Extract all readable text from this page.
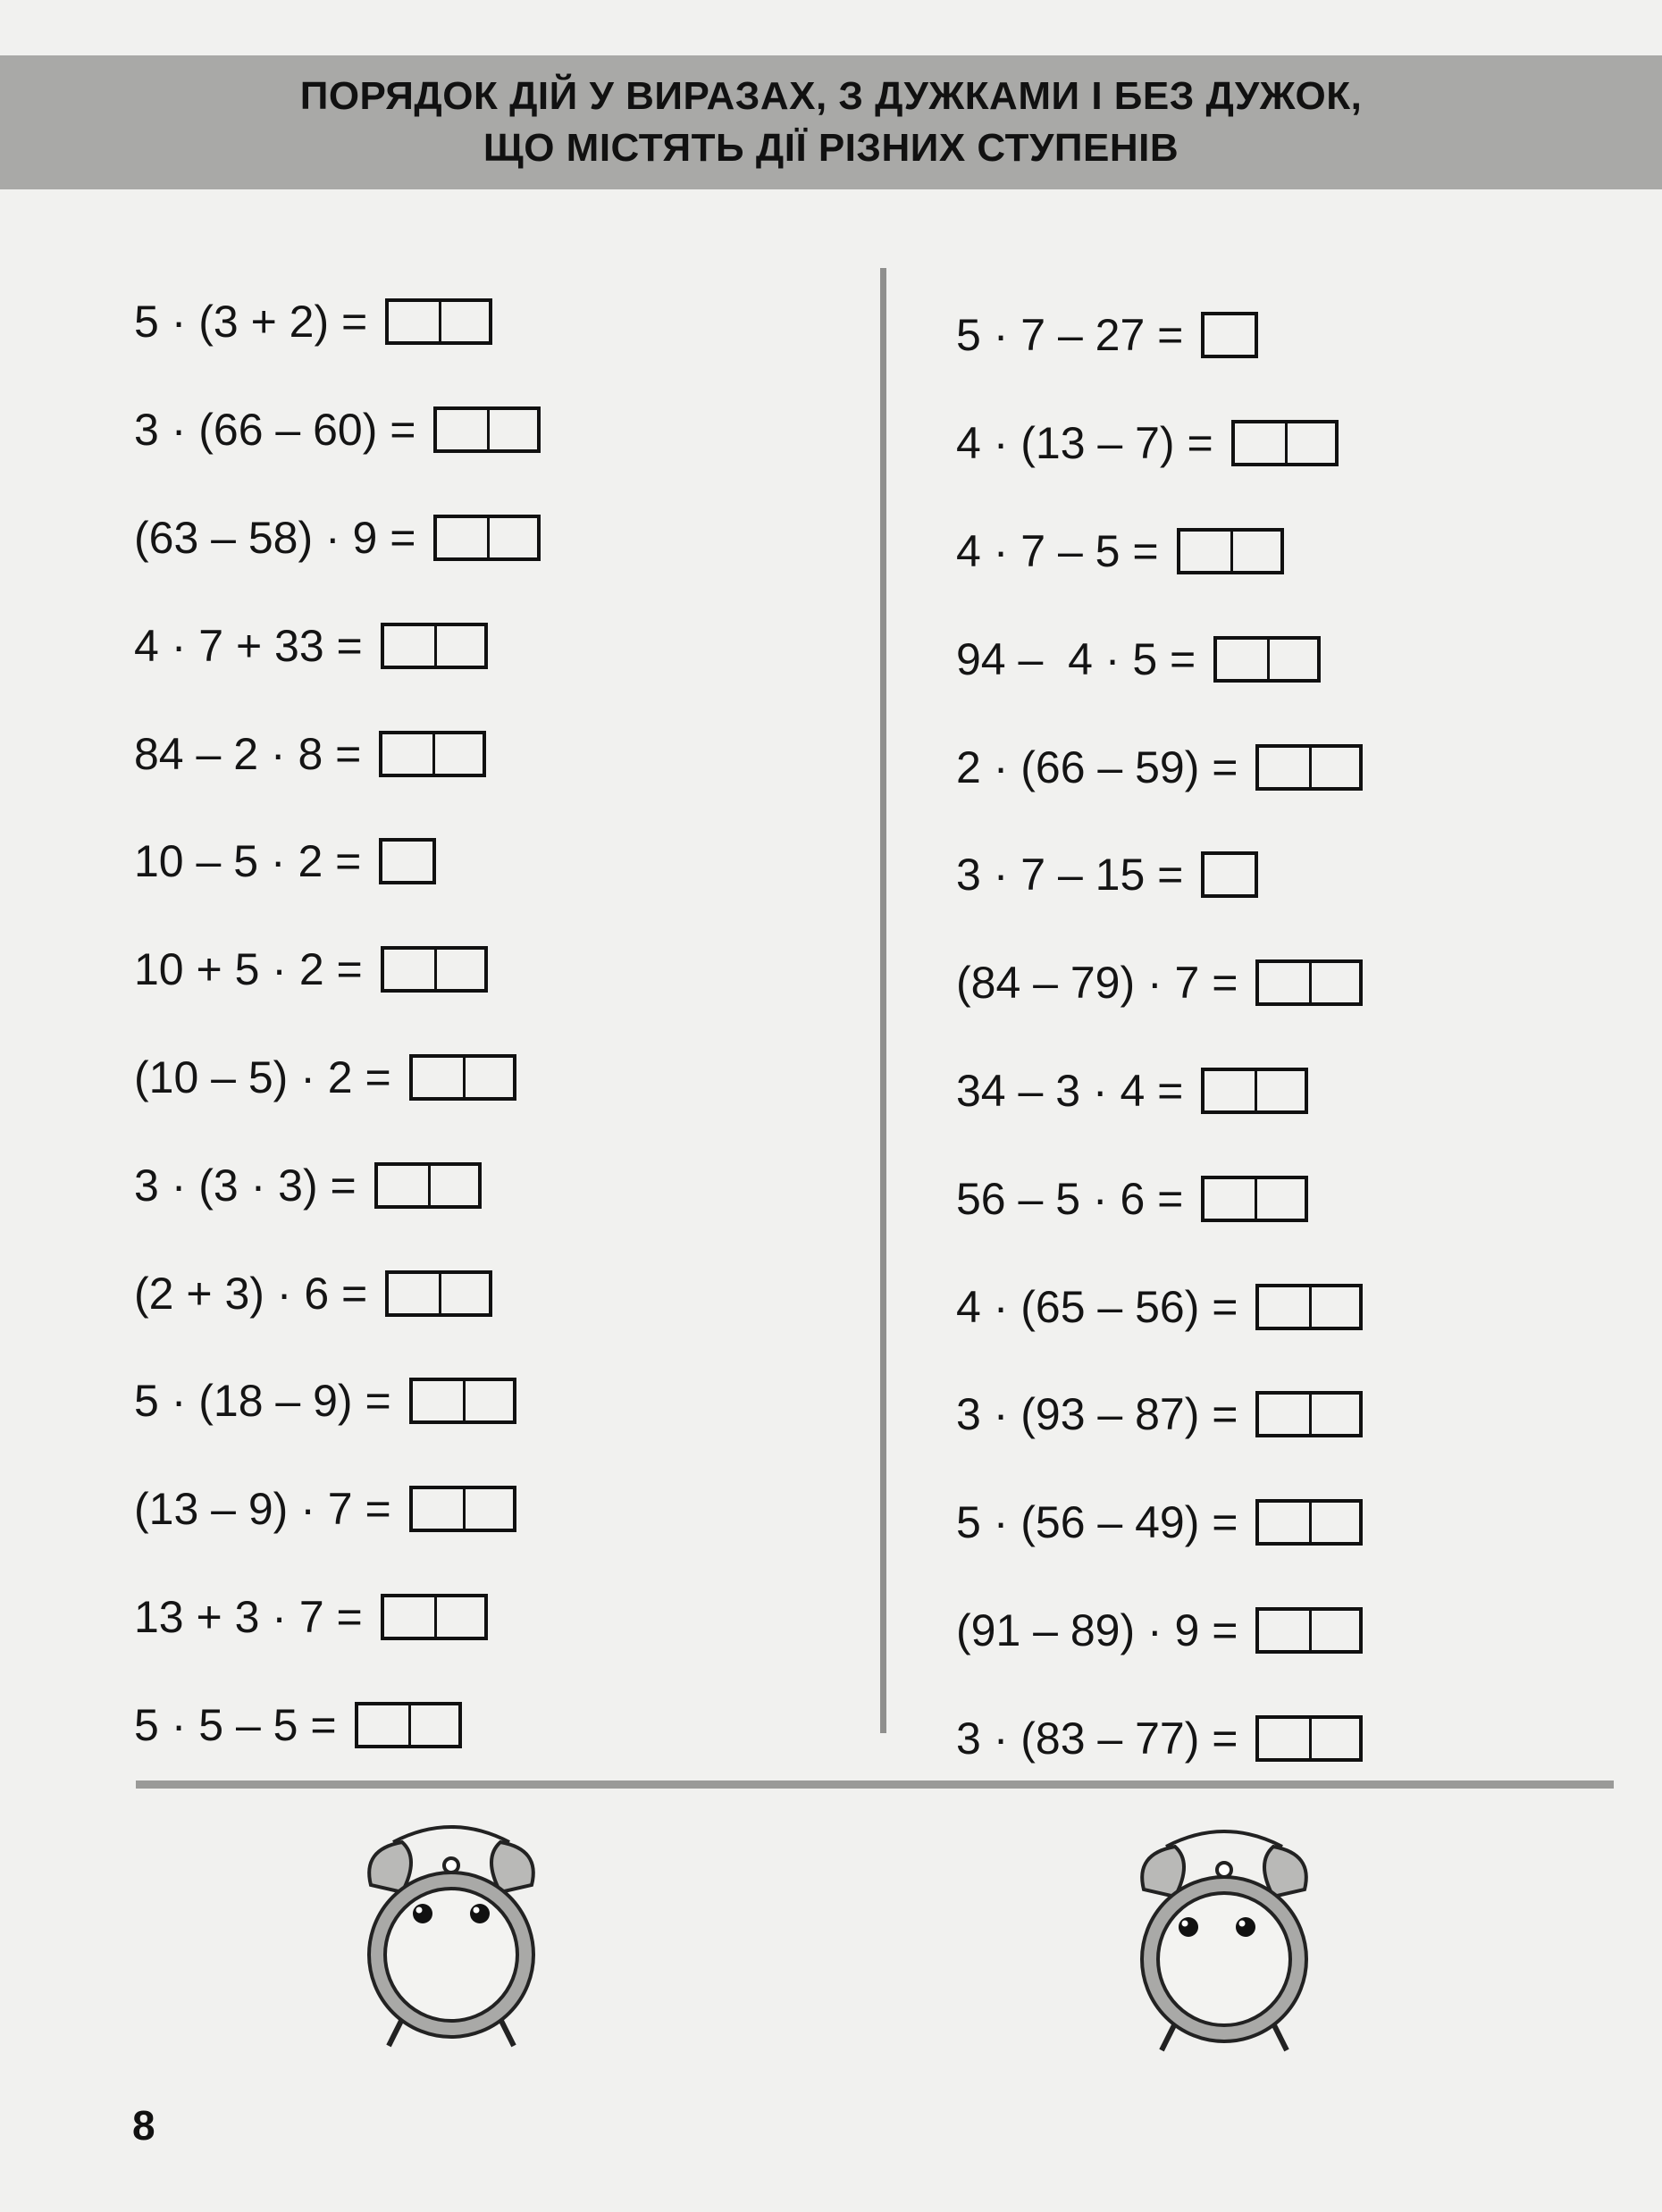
ПОРЯДОК ДІЙ У ВИРАЗАХ, З ДУЖКАМИ І БЕЗ ДУЖОК,
ЩО МІСТЯТЬ ДІЇ РІЗНИХ СТУПЕНІВ
5 · (3 + 2) =
3 · (66 – 60) =
(63 – 58) · 9 =
4 · 7 + 33 =
84 – 2 · 8 =
10 – 5 · 2 =
10 + 5 · 2 =
(10 – 5) · 2 =
3 · (3 · 3) =
(2 + 3) · 6 =
5 · (18 – 9) =
(13 – 9) · 7 =
13 + 3 · 7 =
5 · 5 – 5 =
5 · 7 – 27 =
4 · (13 – 7) =
4 · 7 – 5 =
94 –  4 · 5 =
2 · (66 – 59) =
3 · 7 – 15 =
(84 – 79) · 7 =
34 – 3 · 4 =
56 – 5 · 6 =
4 · (65 – 56) =
3 · (93 – 87) =
5 · (56 – 49) =
(91 – 89) · 9 =
3 · (83 – 77) =
8
